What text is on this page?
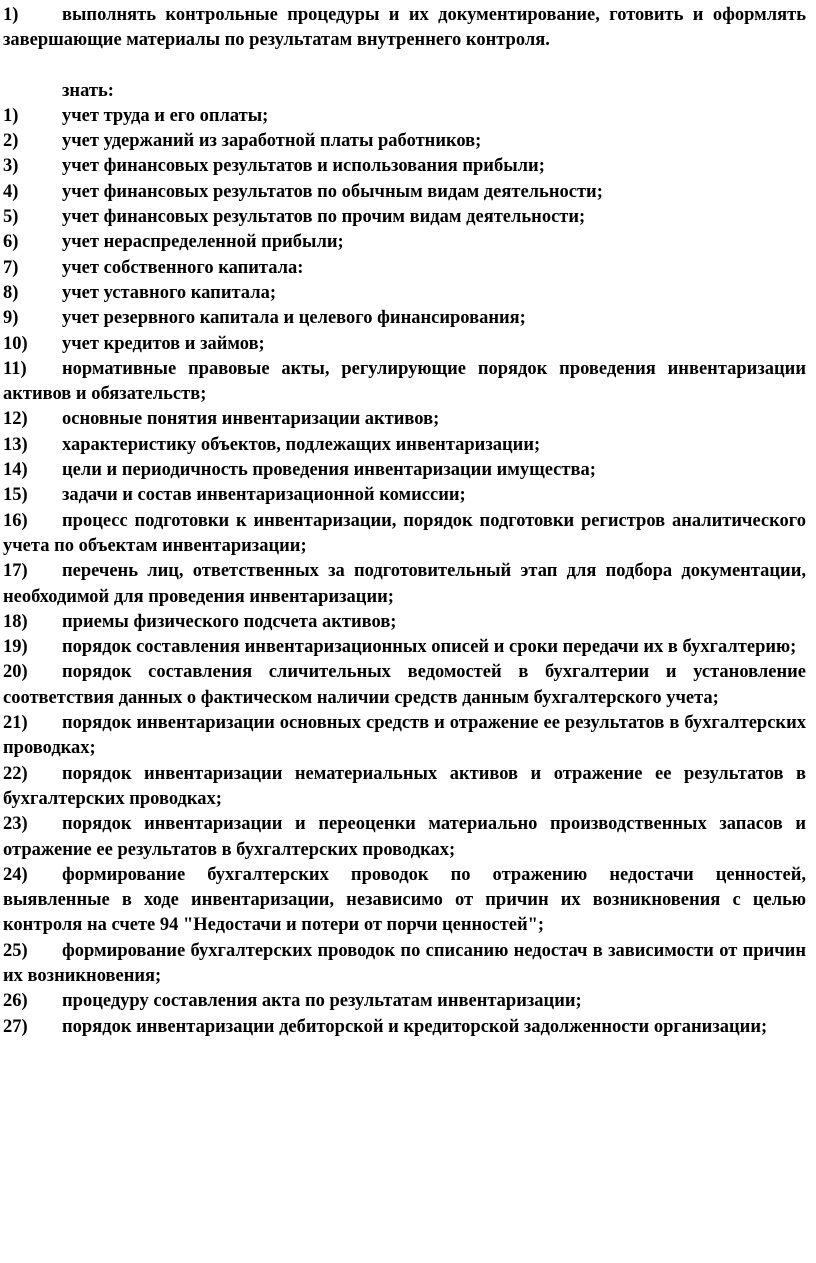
1) выполнять контрольные процедуры и их документирование, готовить и оформлять завершающие материалы по результатам внутреннего контроля.

знать:

1) учет труда и его оплаты;

2) учет удержаний из заработной платы работников;

3) учет финансовых результатов и использования прибыли;

4) учет финансовых результатов по обычным видам деятельности;

5) учет финансовых результатов по прочим видам деятельности;

6) учет нераспределенной прибыли;

7) учет собственного капитала:

8) учет уставного капитала;

9) учет резервного капитала и целевого финансирования;

10) учет кредитов и займов;

11) нормативные правовые акты, регулирующие порядок проведения инвентаризации активов и обязательств;

12) основные понятия инвентаризации активов;

13) характеристику объектов, подлежащих инвентаризации;

14) цели и периодичность проведения инвентаризации имущества;

15) задачи и состав инвентаризационной комиссии;

16) процесс подготовки к инвентаризации, порядок подготовки регистров аналитического учета по объектам инвентаризации;

17) перечень лиц, ответственных за подготовительный этап для подбора документации, необходимой для проведения инвентаризации;

18) приемы физического подсчета активов;

19) порядок составления инвентаризационных описей и сроки передачи их в бухгалтерию;

20) порядок составления сличительных ведомостей в бухгалтерии и установление соответствия данных о фактическом наличии средств данным бухгалтерского учета;

21) порядок инвентаризации основных средств и отражение ее результатов в бухгалтерских проводках;

22) порядок инвентаризации нематериальных активов и отражение ее результатов в бухгалтерских проводках;

23) порядок инвентаризации и переоценки материально производственных запасов и отражение ее результатов в бухгалтерских проводках;

24) формирование бухгалтерских проводок по отражению недостачи ценностей, выявленные в ходе инвентаризации, независимо от причин их возникновения с целью контроля на счете 94 "Недостачи и потери от порчи ценностей";

25) формирование бухгалтерских проводок по списанию недостач в зависимости от причин их возникновения;

26) процедуру составления акта по результатам инвентаризации;

27) порядок инвентаризации дебиторской и кредиторской задолженности организации;
